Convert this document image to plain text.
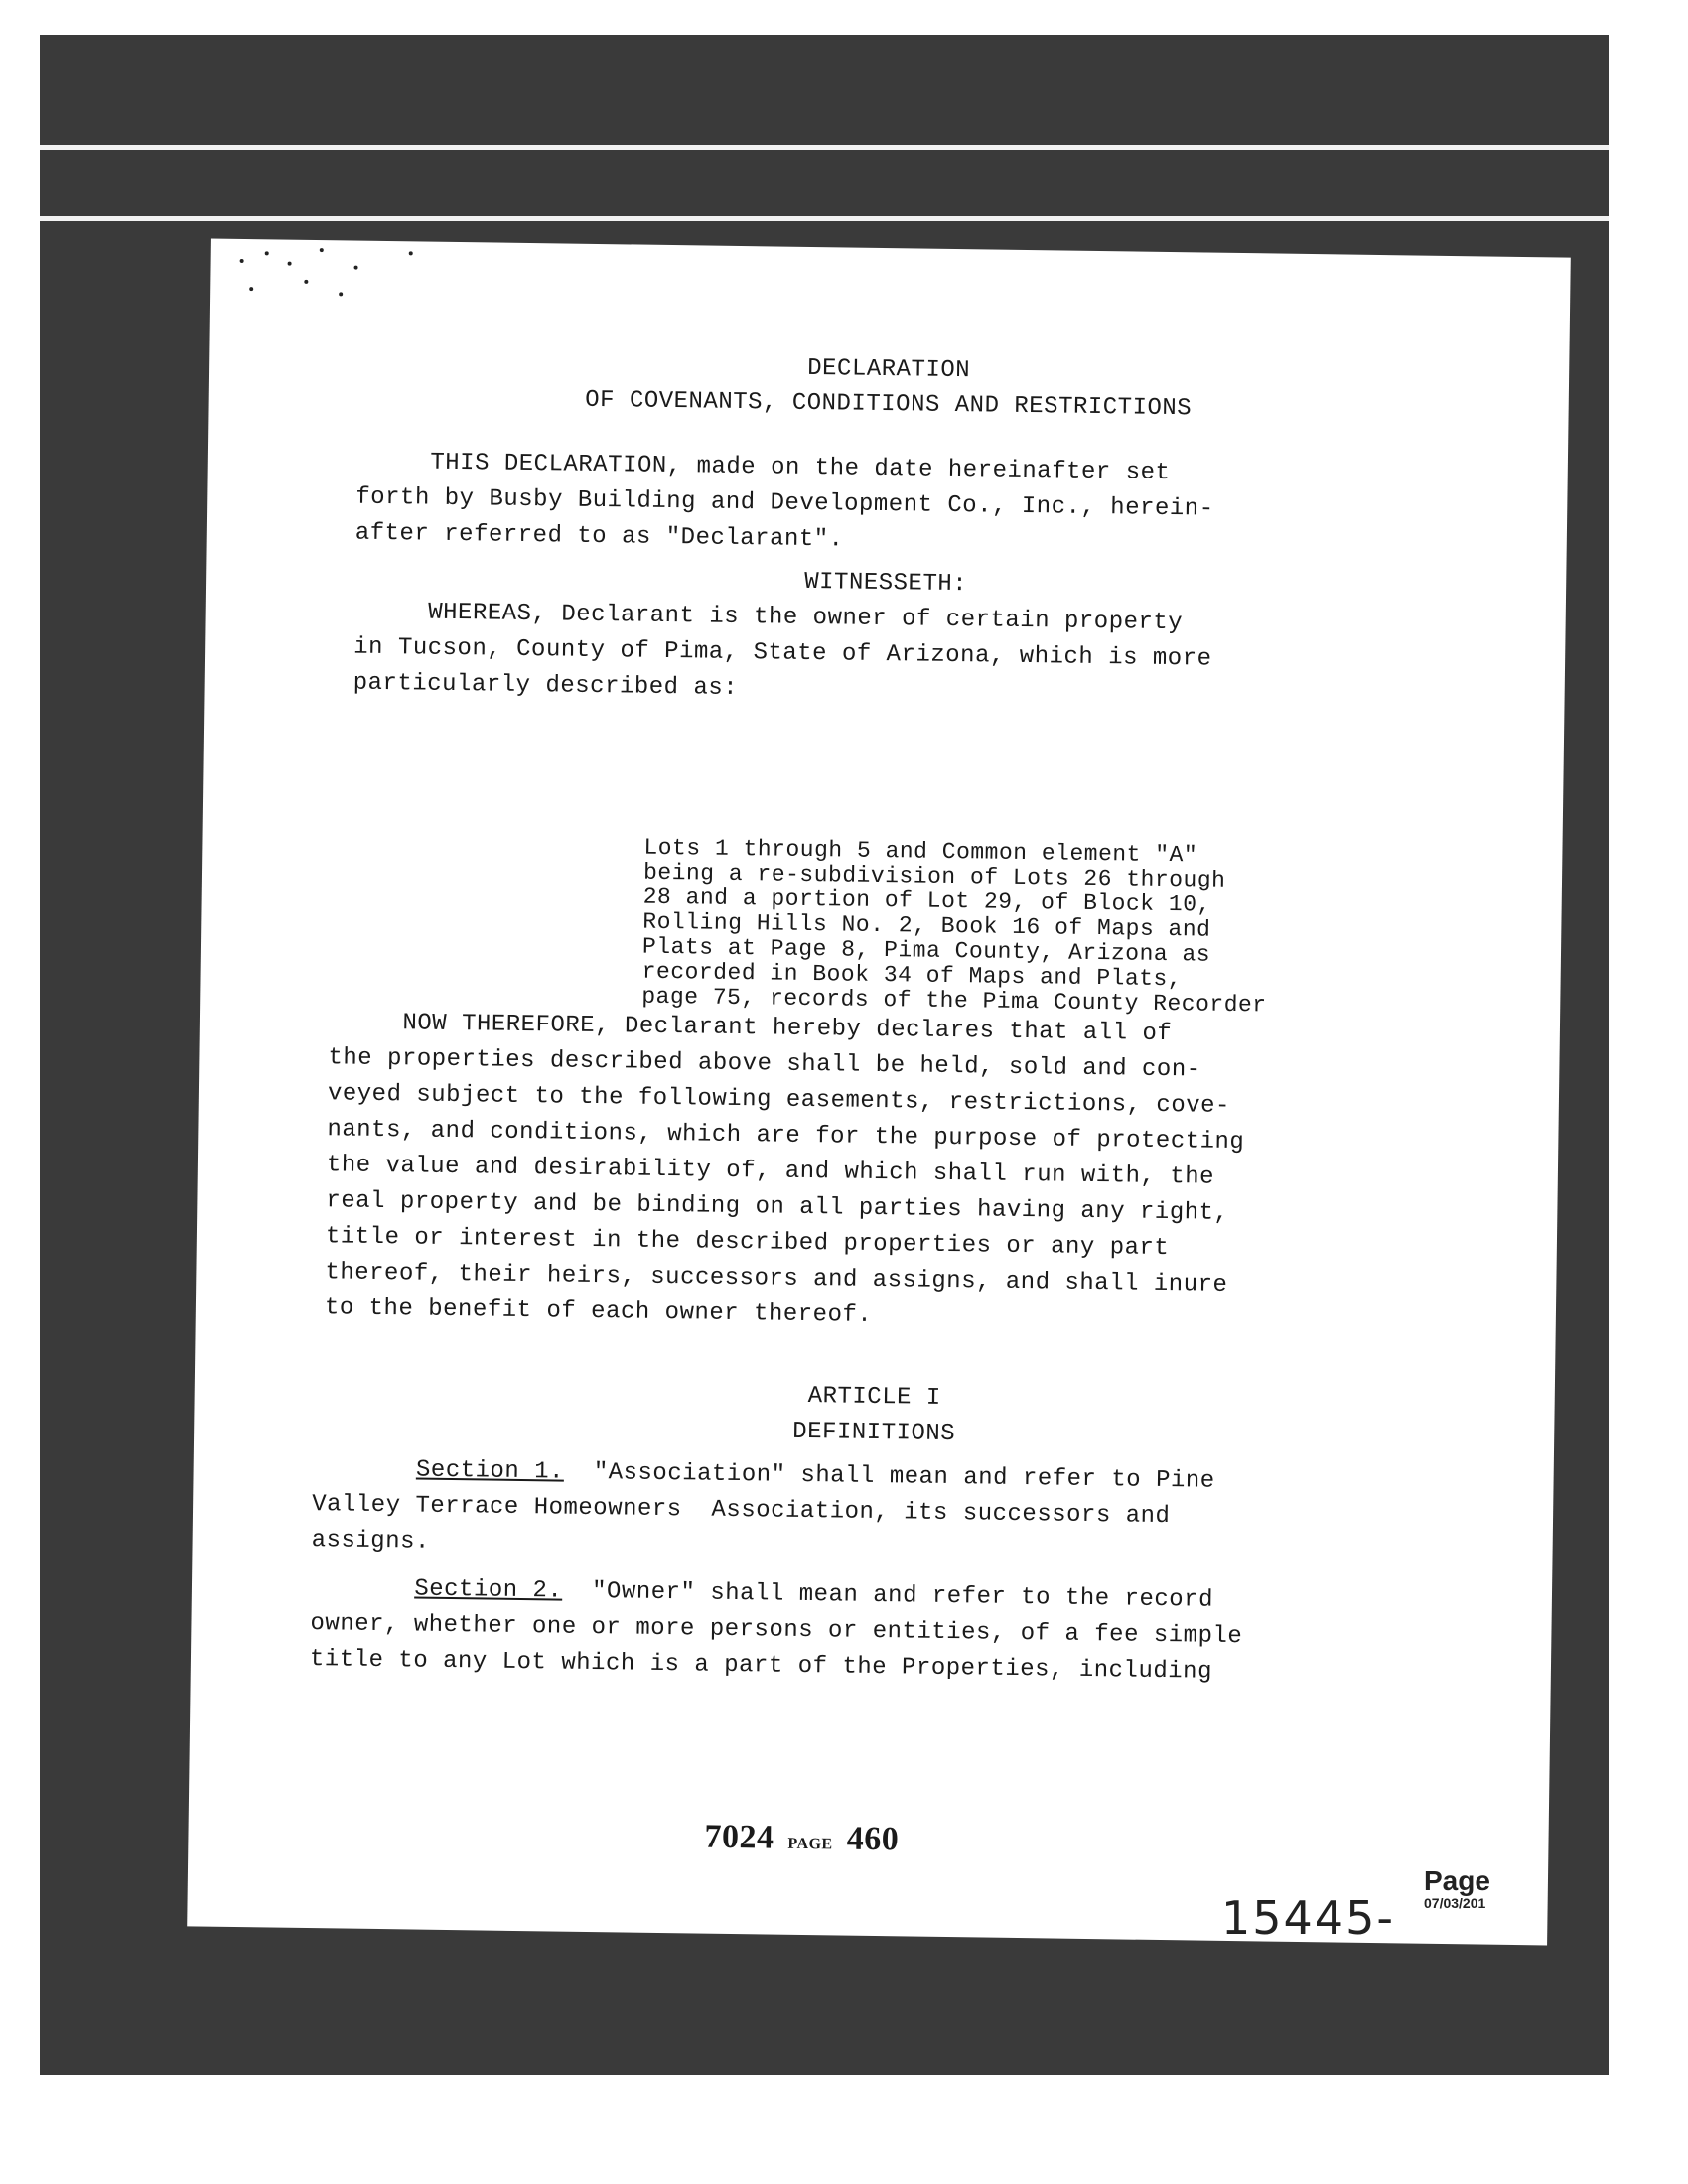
DECLARATION
OF COVENANTS, CONDITIONS AND RESTRICTIONS
THIS DECLARATION, made on the date hereinafter set
forth by Busby Building and Development Co., Inc., herein-
after referred to as "Declarant".
WITNESSETH:
WHEREAS, Declarant is the owner of certain property
in Tucson, County of Pima, State of Arizona, which is more
particularly described as:
Lots 1 through 5 and Common element "A"
being a re-subdivision of Lots 26 through
28 and a portion of Lot 29, of Block 10,
Rolling Hills No. 2, Book 16 of Maps and
Plats at Page 8, Pima County, Arizona as
recorded in Book 34 of Maps and Plats,
page 75, records of the Pima County Recorder
NOW THEREFORE, Declarant hereby declares that all of
the properties described above shall be held, sold and con-
veyed subject to the following easements, restrictions, cove-
nants, and conditions, which are for the purpose of protecting
the value and desirability of, and which shall run with, the
real property and be binding on all parties having any right,
title or interest in the described properties or any part
thereof, their heirs, successors and assigns, and shall inure
to the benefit of each owner thereof.
ARTICLE I
DEFINITIONS
Section 1.  "Association" shall mean and refer to Pine
Valley Terrace Homeowners  Association, its successors and
assigns.
Section 2.  "Owner" shall mean and refer to the record
owner, whether one or more persons or entities, of a fee simple
title to any Lot which is a part of the Properties, including
7024 PAGE 460
15445-
Page
07/03/201
